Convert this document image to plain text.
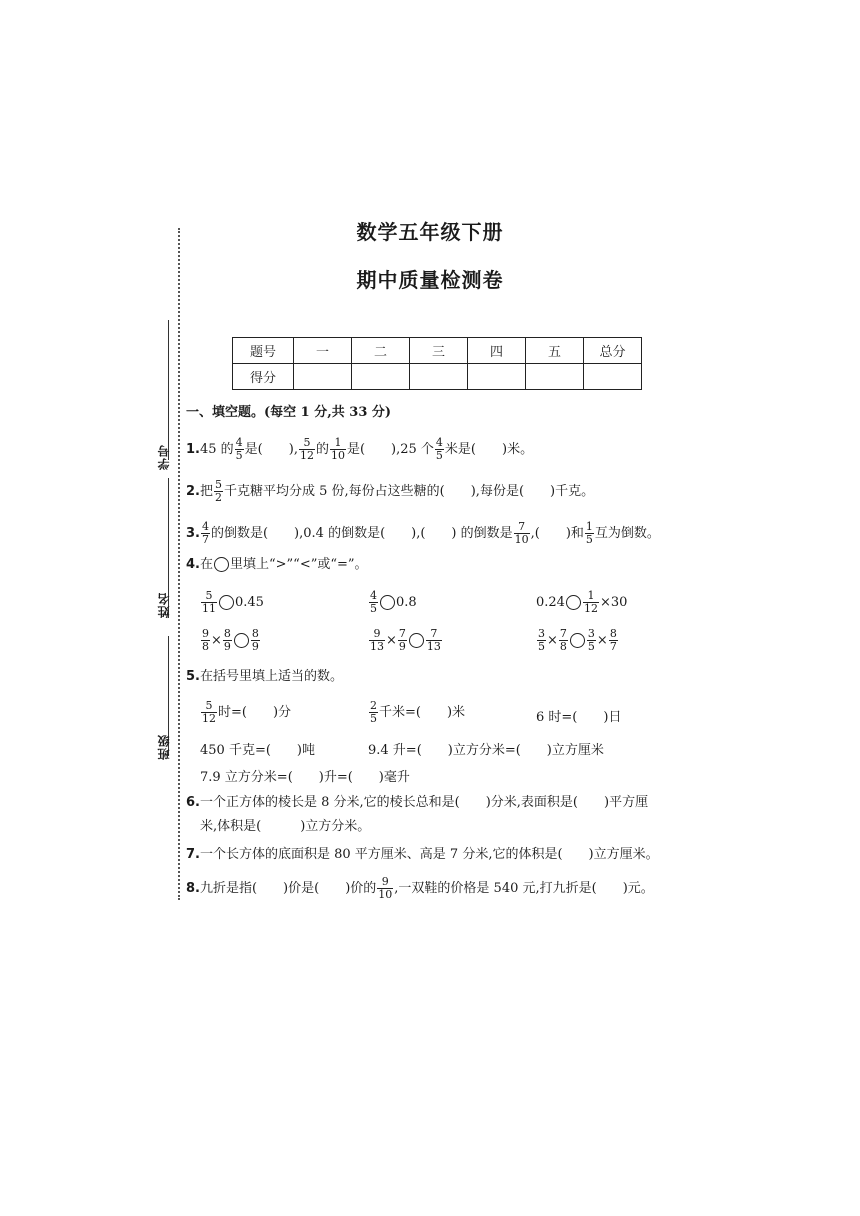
学号
姓名
班级
数学五年级下册
期中质量检测卷
题号	一	二	三	四	五	总分
得分						
一、填空题。(每空 1 分,共 33 分)
1.45 的 $\frac{4}{5}$ 是(　　), $\frac{5}{12}$ 的 $\frac{1}{10}$ 是(　　),25 个 $\frac{4}{5}$ 米是(　　)米。
2.把 $\frac{5}{2}$ 千克糖平均分成 5 份,每份占这些糖的(　　),每份是(　　)千克。
3. $\frac{4}{7}$ 的倒数是(　　),0.4 的倒数是(　　),(　　) 的倒数是 $\frac{7}{10}$ ,(　　)和 $\frac{1}{5}$ 互为倒数。
4.在 里填上“>”“<”或“=”。
$\frac{5}{11} 0.45$	$\frac{4}{5} 0.8$	$0.24 \frac{1}{12} \times 30$
$\frac{9}{8} \times \frac{8}{9} \frac{8}{9}$	$\frac{9}{13} \times \frac{7}{9} \frac{7}{13}$	$\frac{3}{5} \times \frac{7}{8} \frac{3}{5} \times \frac{8}{7}$
5.在括号里填上适当的数。
$\frac{5}{12}$ 时=(　　)分	$\frac{2}{5}$ 千米=(　　)米	6 时=(　　)日
450 千克=(　　)吨	9.4 升=(　　)立方分米=(　　)立方厘米
7.9 立方分米=(　　)升=(　　)毫升
6.一个正方体的棱长是 8 分米,它的棱长总和是(　　)分米,表面积是(　　)平方厘
米,体积是(　　　)立方分米。
7.一个长方体的底面积是 80 平方厘米、高是 7 分米,它的体积是(　　)立方厘米。
8.九折是指(　　)价是(　　)价的 $\frac{9}{10}$ ,一双鞋的价格是 540 元,打九折是(　　)元。
